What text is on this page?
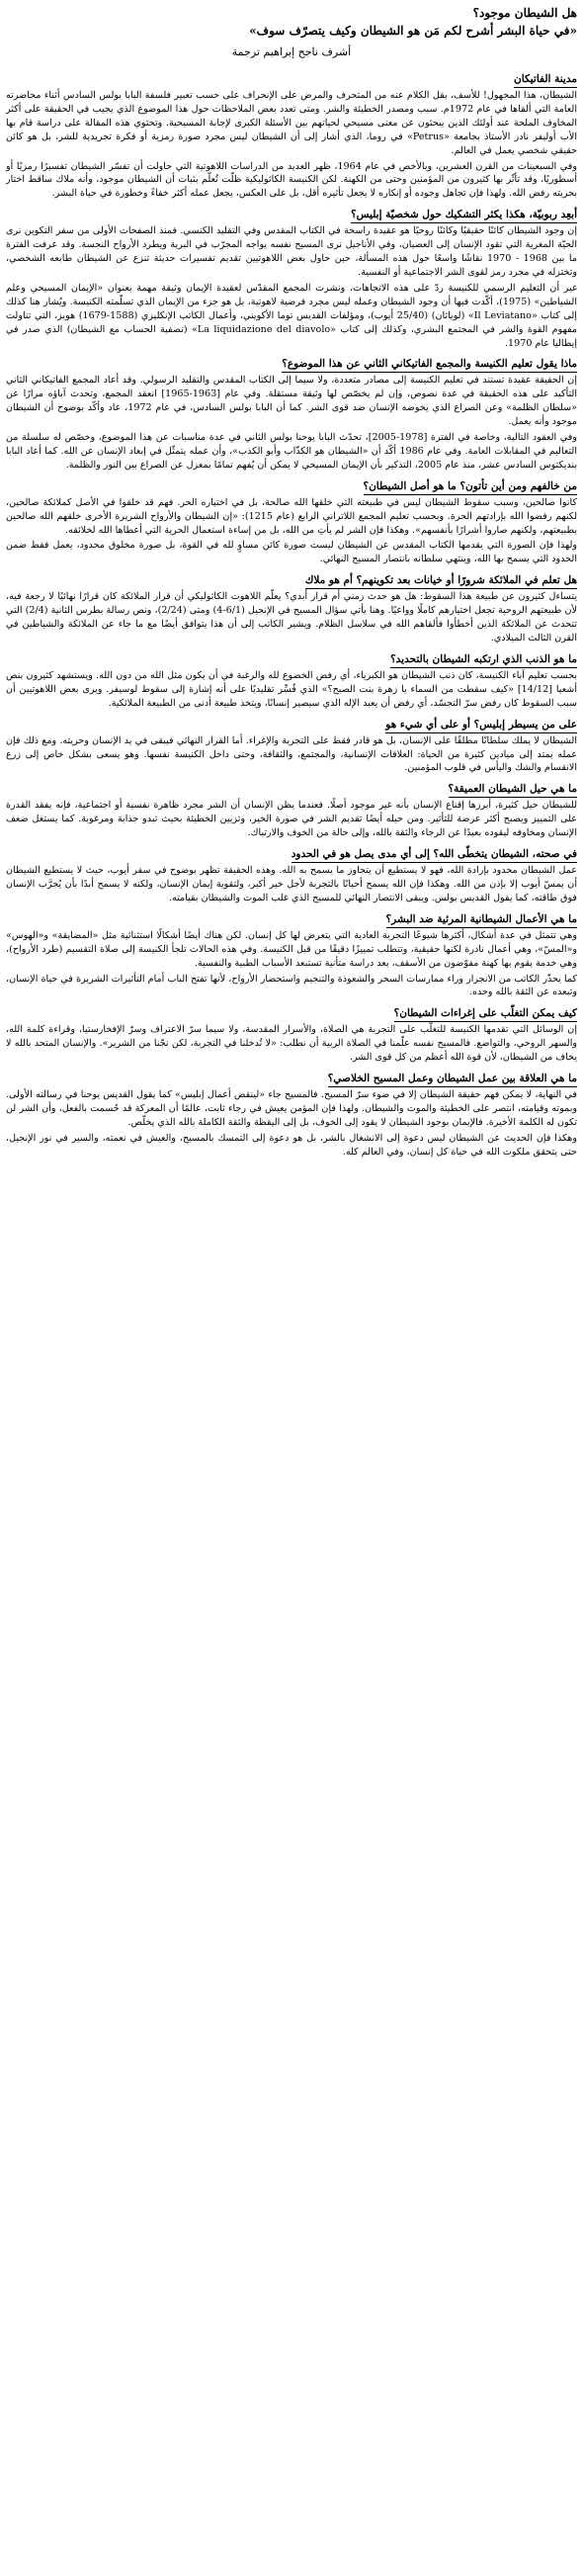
هل الشيطان موجود؟
«في حياة البشر أشرح لكم مَن هو الشيطان وكيف يتصرّف سوف»
أشرف ناجح إبراهيم ترجمة
مدينة الفاتيكان

الشيطان، هذا المجهول! للأسف، بقل الكلام عنه من المتحرف والمرض على الإنحراف على حسب تعبير فلسفة البابا بولس السادس أثناء محاضرته العامة التي ألقاها في عام 1972م. سبب ومصدر الخطيئة والشر. ومتى تعدد بعض الملاحظات حول هذا الموضوع الذي يجيب في الحقيقة على أكثر المخاوف الملحة عند أولئك الذين يبحثون عن معنى مسيحي لحياتهم بين الأسئلة الكبرى لإجابة المسيحية. وتحتوي هذه المقالة على دراسة قام بها الأب أوليفر نادر الأستاذ بجامعة «Petrus» في روما، الذي أشار إلى أن الشيطان ليس مجرد صورة رمزية أو فكرة تجريدية للشر، بل هو كائن حقيقي شخصي يعمل في العالم.

وفي السبعينات من القرن العشرين، وبالأخص في عام 1964، ظهر العديد من الدراسات اللاهوتية التي حاولت أن تفسّر الشيطان تفسيرًا رمزيًا أو أسطوريًا، وقد تأثّر بها كثيرون من المؤمنين وحتى من الكهنة. لكن الكنيسة الكاثوليكية ظلّت تُعلّم بثبات أن الشيطان موجود، وأنه ملاك ساقط اختار بحريته رفض الله. ولهذا فإن تجاهل وجوده أو إنكاره لا يجعل تأثيره أقل، بل على العكس، يجعل عمله أكثر خفاءً وخطورة في حياة البشر.

أبعِد ربوبيّة، هكذا يكثر التشكيك حول شخصيّة إبليس؟

إن وجود الشيطان كائنًا حقيقيًا وكائنًا روحيًا هو عقيدة راسخة في الكتاب المقدس وفي التقليد الكنسي. فمنذ الصفحات الأولى من سفر التكوين نرى الحيّة المغرية التي تقود الإنسان إلى العصيان، وفي الأناجيل نرى المسيح نفسه يواجه المجرّب في البرية ويطرد الأرواح النجسة. وقد عرفت الفترة ما بين 1968 - 1970 نقاشًا واسعًا حول هذه المسألة، حين حاول بعض اللاهوتيين تقديم تفسيرات حديثة تنزع عن الشيطان طابعه الشخصي، وتختزله في مجرد رمز لقوى الشر الاجتماعية أو النفسية.

غير أن التعليم الرسمي للكنيسة ردّ على هذه الاتجاهات، ونشرت المجمع المقدّس لعقيدة الإيمان وثيقة مهمة بعنوان «الإيمان المسيحي وعلم الشياطين» (1975)، أكّدت فيها أن وجود الشيطان وعمله ليس مجرد فرضية لاهوتية، بل هو جزء من الإيمان الذي تسلّمته الكنيسة. ويُشار هنا كذلك إلى كتاب «Il Leviatano» (لوياثان) (25/40 أيوب)، ومؤلفات القديس توما الأكويني، وأعمال الكاتب الإنكليزي (1588-1679) هوبز، التي تناولت مفهوم القوة والشر في المجتمع البشري، وكذلك إلى كتاب «La liquidazione del diavolo» (تصفية الحساب مع الشيطان) الذي صدر في إيطاليا عام 1970.

ماذا يقول تعليم الكنيسة والمجمع الفاتيكاني الثاني عن هذا الموضوع؟

إن الحقيقة عقيدة تستند في تعليم الكنيسة إلى مصادر متعددة، ولا سيما إلى الكتاب المقدس والتقليد الرسولي. وقد أعاد المجمع الفاتيكاني الثاني التأكيد على هذه الحقيقة في عدة نصوص، وإن لم يخصّص لها وثيقة مستقلة. وفي عام [1963-1965] انعقد المجمع، وتحدث آباؤه مرارًا عن «سلطان الظلمة» وعن الصراع الذي يخوضه الإنسان ضد قوى الشر. كما أن البابا بولس السادس، في عام 1972، عاد وأكّد بوضوح أن الشيطان موجود وأنه يعمل.

وفي العقود التالية، وخاصة في الفترة [1978-2005]، تحدّث البابا يوحنا بولس الثاني في عدة مناسبات عن هذا الموضوع، وخصّص له سلسلة من التعاليم في المقابلات العامة. وفي عام 1986 أكّد أن «الشيطان هو الكذّاب وأبو الكذب»، وأن عمله يتمثّل في إبعاد الإنسان عن الله. كما أعاد البابا بنديكتوس السادس عشر، منذ عام 2005، التذكير بأن الإيمان المسيحي لا يمكن أن يُفهم تمامًا بمعزل عن الصراع بين النور والظلمة.

من خالفهم ومن أين تأتون؟ ما هو أصل الشيطان؟

كانوا صالحين، وسبب سقوط الشيطان ليس في طبيعته التي خلقها الله صالحة، بل في اختياره الحر. فهم قد خلقوا في الأصل كملائكة صالحين، لكنهم رفضوا الله بإرادتهم الحرة. وبحسب تعليم المجمع اللاتراني الرابع (عام 1215): «إن الشيطان والأرواح الشريرة الأخرى خلقهم الله صالحين بطبيعتهم، ولكنهم صاروا أشرارًا بأنفسهم». وهكذا فإن الشر لم يأتِ من الله، بل من إساءة استعمال الحرية التي أعطاها الله لخلائقه.

ولهذا فإن الصورة التي يقدمها الكتاب المقدس عن الشيطان ليست صورة كائن مساوٍ لله في القوة، بل صورة مخلوق محدود، يعمل فقط ضمن الحدود التي يسمح بها الله، وينتهي سلطانه بانتصار المسيح النهائي.

هل تعلم في الملائكة شرورًا أو خيانات بعد تكوينهم؟ أم هو ملاك

يتساءل كثيرون عن طبيعة هذا السقوط: هل هو حدث زمني أم قرار أبدي؟ يعلّم اللاهوت الكاثوليكي أن قرار الملائكة كان قرارًا نهائيًا لا رجعة فيه، لأن طبيعتهم الروحية تجعل اختيارهم كاملًا وواعيًا. وهنا يأتي سؤال المسيح في الإنجيل (6/1-4) ومتى (2/24)، ونص رسالة بطرس الثانية (2/4) التي تتحدث عن الملائكة الذين أخطأوا فألقاهم الله في سلاسل الظلام. ويشير الكاتب إلى أن هذا يتوافق أيضًا مع ما جاء عن الملائكة والشياطين في القرن الثالث الميلادي.

ما هو الذنب الذي ارتكبه الشيطان بالتحديد؟

بحسب تعليم آباء الكنيسة، كان ذنب الشيطان هو الكبرياء، أي رفض الخضوع لله والرغبة في أن يكون مثل الله من دون الله. ويستشهد كثيرون بنص أشعيا [14/12] «كيف سقطت من السماء يا زهرة بنت الصبح؟» الذي فُسِّر تقليديًا على أنه إشارة إلى سقوط لوسيفر. ويرى بعض اللاهوتيين أن سبب السقوط كان رفض سرّ التجسّد، أي رفض أن يعبد الإله الذي سيصير إنسانًا، ويتخذ طبيعة أدنى من الطبيعة الملائكية.

على من يسيطر إبليس؟ أو على أي شيء هو

الشيطان لا يملك سلطانًا مطلقًا على الإنسان، بل هو قادر فقط على التجربة والإغراء. أما القرار النهائي فيبقى في يد الإنسان وحريته. ومع ذلك فإن عمله يمتد إلى ميادين كثيرة من الحياة: العلاقات الإنسانية، والمجتمع، والثقافة، وحتى داخل الكنيسة نفسها. وهو يسعى بشكل خاص إلى زرع الانقسام والشك واليأس في قلوب المؤمنين.

ما هي حيل الشيطان العميقة؟

للشيطان حيل كثيرة، أبرزها إقناع الإنسان بأنه غير موجود أصلًا. فعندما يظن الإنسان أن الشر مجرد ظاهرة نفسية أو اجتماعية، فإنه يفقد القدرة على التمييز ويصبح أكثر عرضة للتأثير. ومن حيله أيضًا تقديم الشر في صورة الخير، وتزيين الخطيئة بحيث تبدو جذابة ومرغوبة. كما يستغل ضعف الإنسان ومخاوفه ليقوده بعيدًا عن الرجاء والثقة بالله، وإلى حالة من الخوف والارتباك.

في صحته، الشيطان يتخطّى الله؟ إلى أي مدى يصل هو في الحدود

عمل الشيطان محدود بإرادة الله، فهو لا يستطيع أن يتجاوز ما يسمح به الله. وهذه الحقيقة تظهر بوضوح في سفر أيوب، حيث لا يستطيع الشيطان أن يمسّ أيوب إلا بإذن من الله. وهكذا فإن الله يسمح أحيانًا بالتجربة لأجل خير أكبر، ولتقوية إيمان الإنسان، ولكنه لا يسمح أبدًا بأن يُجرَّب الإنسان فوق طاقته، كما يقول القديس بولس. ويبقى الانتصار النهائي للمسيح الذي غلب الموت والشيطان بقيامته.

ما هي الأعمال الشيطانية المرئية ضد البشر؟

وهي تتمثل في عدة أشكال، أكثرها شيوعًا التجربة العادية التي يتعرض لها كل إنسان. لكن هناك أيضًا أشكالًا استثنائية مثل «المضايقة» و«الهوس» و«المسّ»، وهي أعمال نادرة لكنها حقيقية، وتتطلب تمييزًا دقيقًا من قبل الكنيسة. وفي هذه الحالات تلجأ الكنيسة إلى صلاة التقسيم (طرد الأرواح)، وهي خدمة يقوم بها كهنة مفوّضون من الأسقف، بعد دراسة متأنية تستبعد الأسباب الطبية والنفسية.

كما يحذّر الكاتب من الانجرار وراء ممارسات السحر والشعوذة والتنجيم واستحضار الأرواح، لأنها تفتح الباب أمام التأثيرات الشريرة في حياة الإنسان، وتبعده عن الثقة بالله وحده.

كيف يمكن التغلّب على إغراءات الشيطان؟

إن الوسائل التي تقدمها الكنيسة للتغلّب على التجربة هي الصلاة، والأسرار المقدسة، ولا سيما سرّ الاعتراف وسرّ الإفخارستيا، وقراءة كلمة الله، والسهر الروحي، والتواضع. فالمسيح نفسه علّمنا في الصلاة الربية أن نطلب: «لا تُدخلنا في التجربة، لكن نجّنا من الشرير». والإنسان المتحد بالله لا يخاف من الشيطان، لأن قوة الله أعظم من كل قوى الشر.

ما هي العلاقة بين عمل الشيطان وعمل المسيح الخلاصي؟

في النهاية، لا يمكن فهم حقيقة الشيطان إلا في ضوء سرّ المسيح. فالمسيح جاء «لينقض أعمال إبليس» كما يقول القديس يوحنا في رسالته الأولى. وبموته وقيامته، انتصر على الخطيئة والموت والشيطان. ولهذا فإن المؤمن يعيش في رجاء ثابت، عالمًا أن المعركة قد حُسمت بالفعل، وأن الشر لن تكون له الكلمة الأخيرة. فالإيمان بوجود الشيطان لا يقود إلى الخوف، بل إلى اليقظة والثقة الكاملة بالله الذي يخلّص.

وهكذا فإن الحديث عن الشيطان ليس دعوة إلى الانشغال بالشر، بل هو دعوة إلى التمسك بالمسيح، والعيش في نعمته، والسير في نور الإنجيل، حتى يتحقق ملكوت الله في حياة كل إنسان، وفي العالم كله.
